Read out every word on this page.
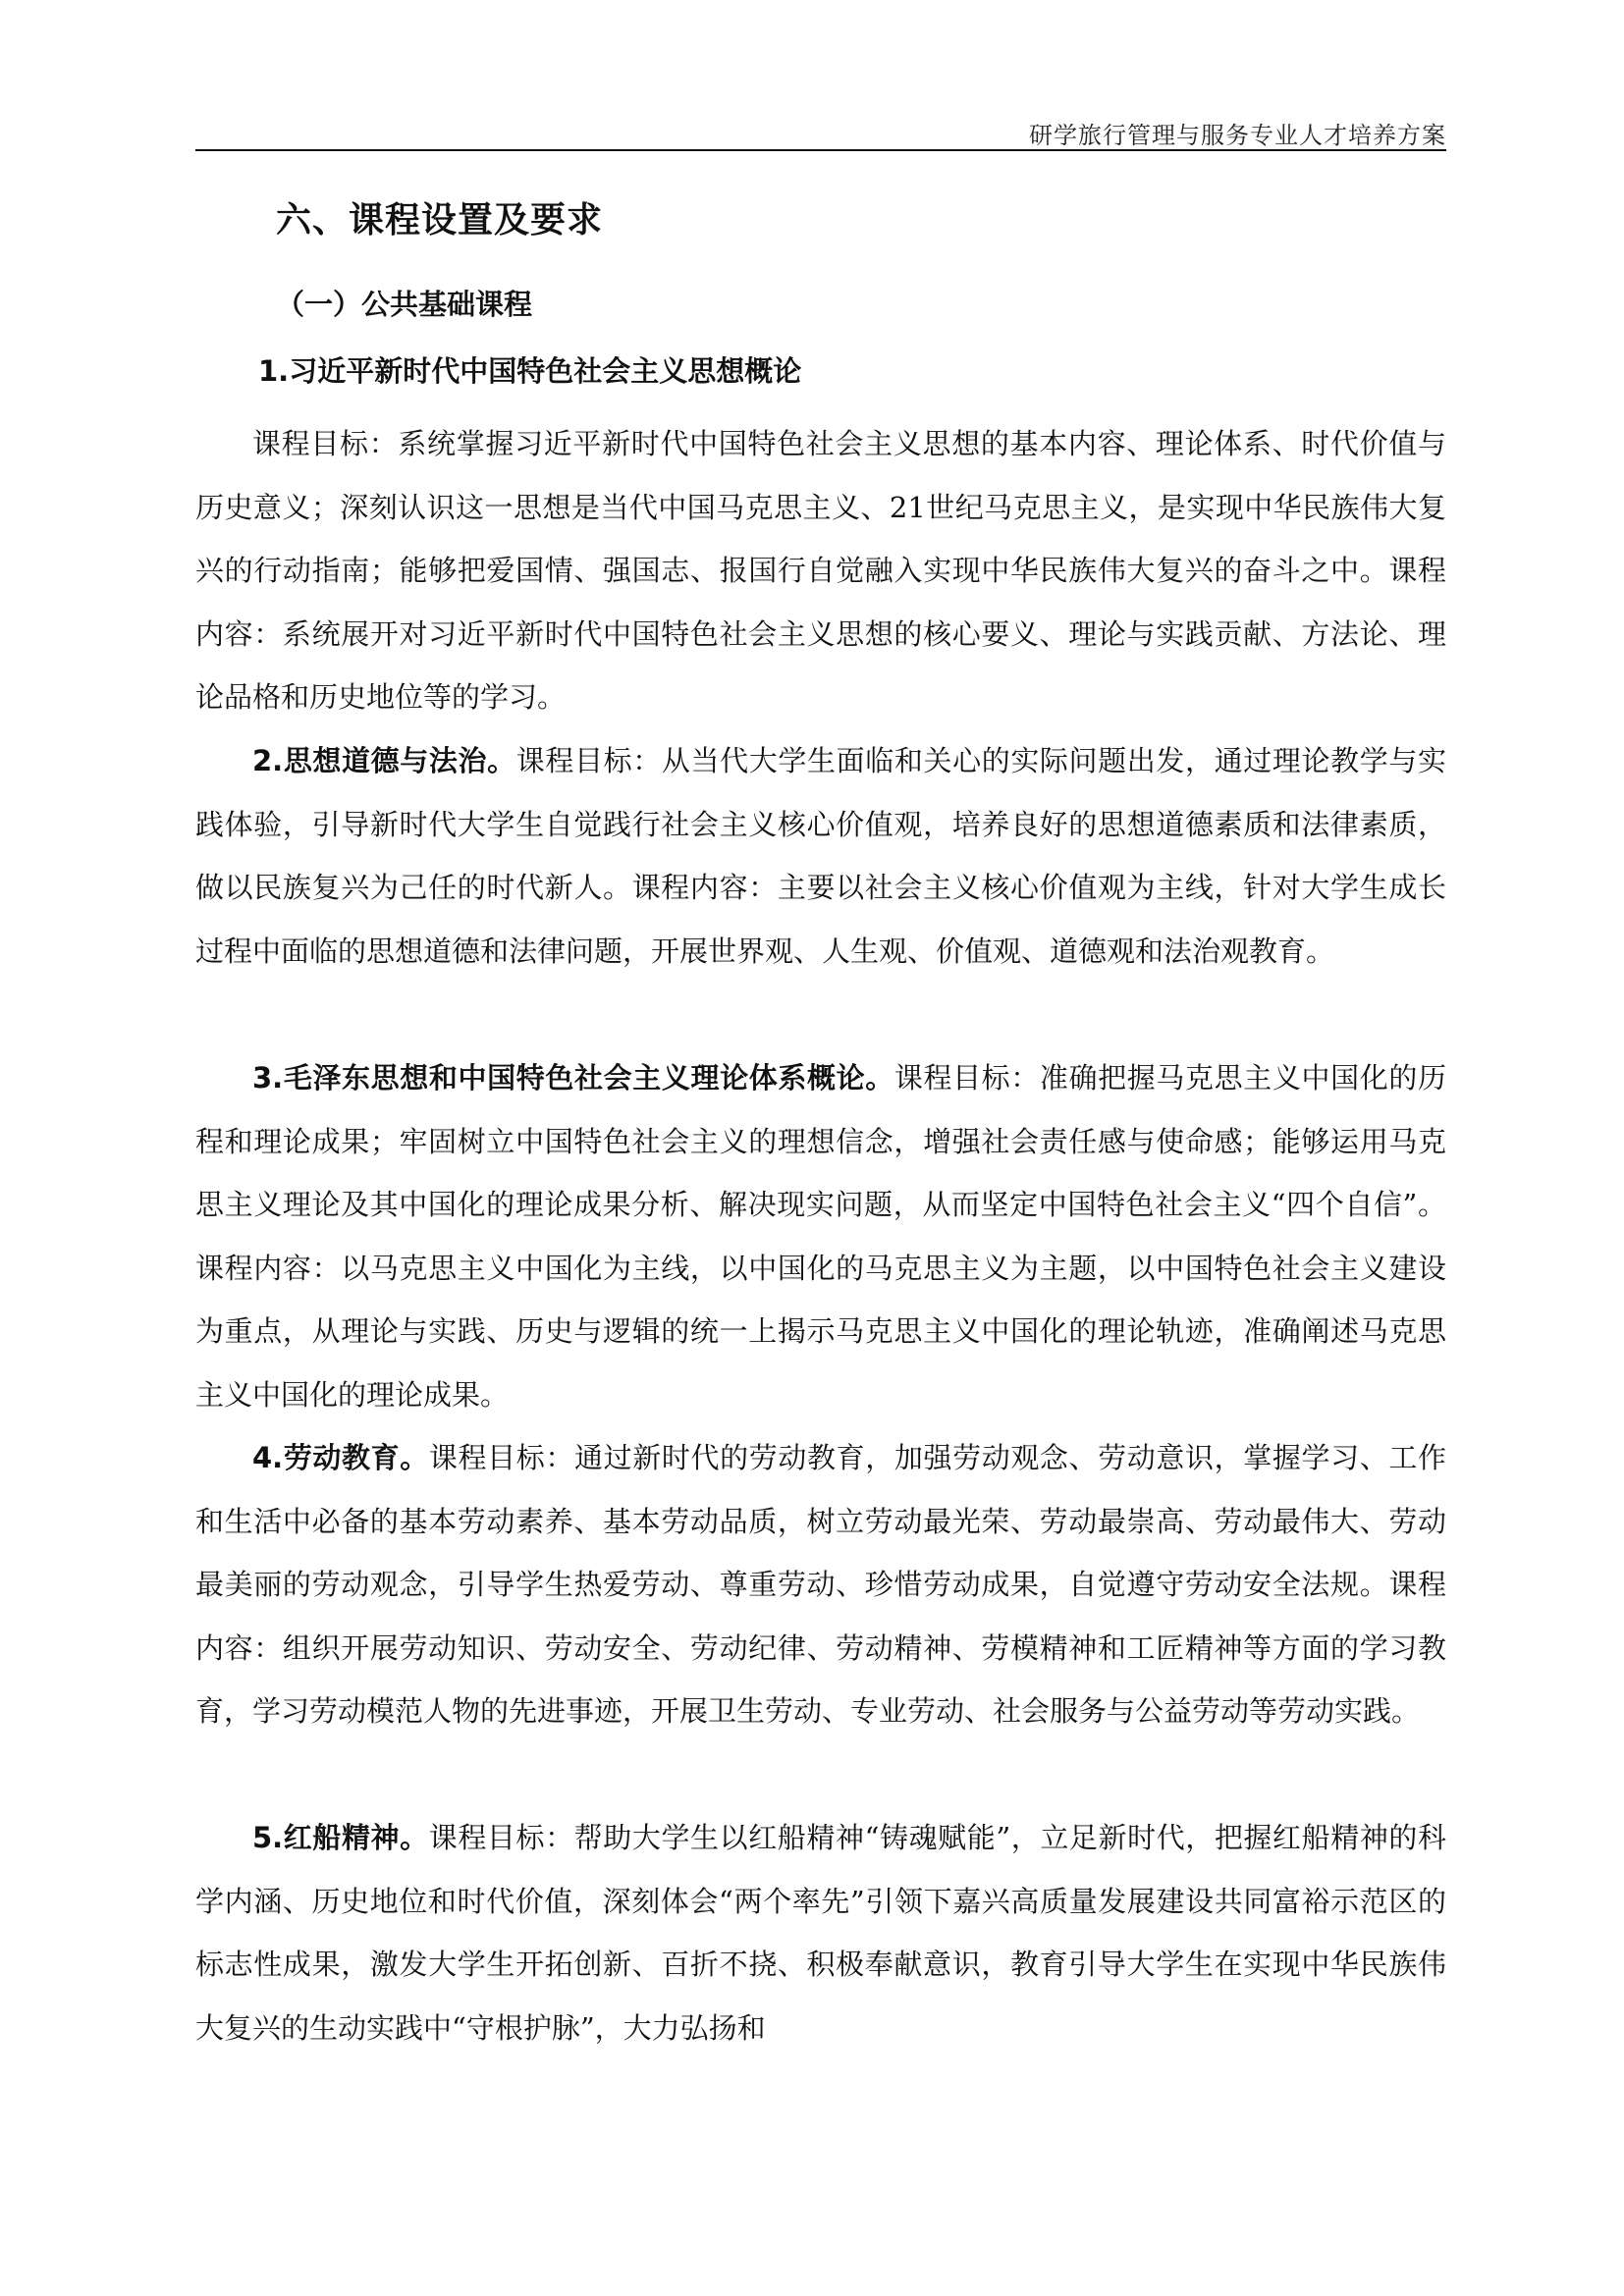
研学旅行管理与服务专业人才培养方案
六、课程设置及要求
（一）公共基础课程
1.习近平新时代中国特色社会主义思想概论

课程目标：系统掌握习近平新时代中国特色社会主义思想的基本内容、理论体系、时代价值与历史意义；深刻认识这一思想是当代中国马克思主义、21世纪马克思主义，是实现中华民族伟大复兴的行动指南；能够把爱国情、强国志、报国行自觉融入实现中华民族伟大复兴的奋斗之中。课程内容：系统展开对习近平新时代中国特色社会主义思想的核心要义、理论与实践贡献、方法论、理论品格和历史地位等的学习。

2.思想道德与法治。课程目标：从当代大学生面临和关心的实际问题出发，通过理论教学与实践体验，引导新时代大学生自觉践行社会主义核心价值观，培养良好的思想道德素质和法律素质，做以民族复兴为己任的时代新人。课程内容：主要以社会主义核心价值观为主线，针对大学生成长过程中面临的思想道德和法律问题，开展世界观、人生观、价值观、道德观和法治观教育。

3.毛泽东思想和中国特色社会主义理论体系概论。课程目标：准确把握马克思主义中国化的历程和理论成果；牢固树立中国特色社会主义的理想信念，增强社会责任感与使命感；能够运用马克思主义理论及其中国化的理论成果分析、解决现实问题，从而坚定中国特色社会主义“四个自信”。课程内容：以马克思主义中国化为主线，以中国化的马克思主义为主题，以中国特色社会主义建设为重点，从理论与实践、历史与逻辑的统一上揭示马克思主义中国化的理论轨迹，准确阐述马克思主义中国化的理论成果。

4.劳动教育。课程目标：通过新时代的劳动教育，加强劳动观念、劳动意识，掌握学习、工作和生活中必备的基本劳动素养、基本劳动品质，树立劳动最光荣、劳动最崇高、劳动最伟大、劳动最美丽的劳动观念，引导学生热爱劳动、尊重劳动、珍惜劳动成果，自觉遵守劳动安全法规。课程内容：组织开展劳动知识、劳动安全、劳动纪律、劳动精神、劳模精神和工匠精神等方面的学习教育，学习劳动模范人物的先进事迹，开展卫生劳动、专业劳动、社会服务与公益劳动等劳动实践。

5.红船精神。课程目标：帮助大学生以红船精神“铸魂赋能”，立足新时代，把握红船精神的科学内涵、历史地位和时代价值，深刻体会“两个率先”引领下嘉兴高质量发展建设共同富裕示范区的标志性成果，激发大学生开拓创新、百折不挠、积极奉献意识，教育引导大学生在实现中华民族伟大复兴的生动实践中“守根护脉”，大力弘扬和
